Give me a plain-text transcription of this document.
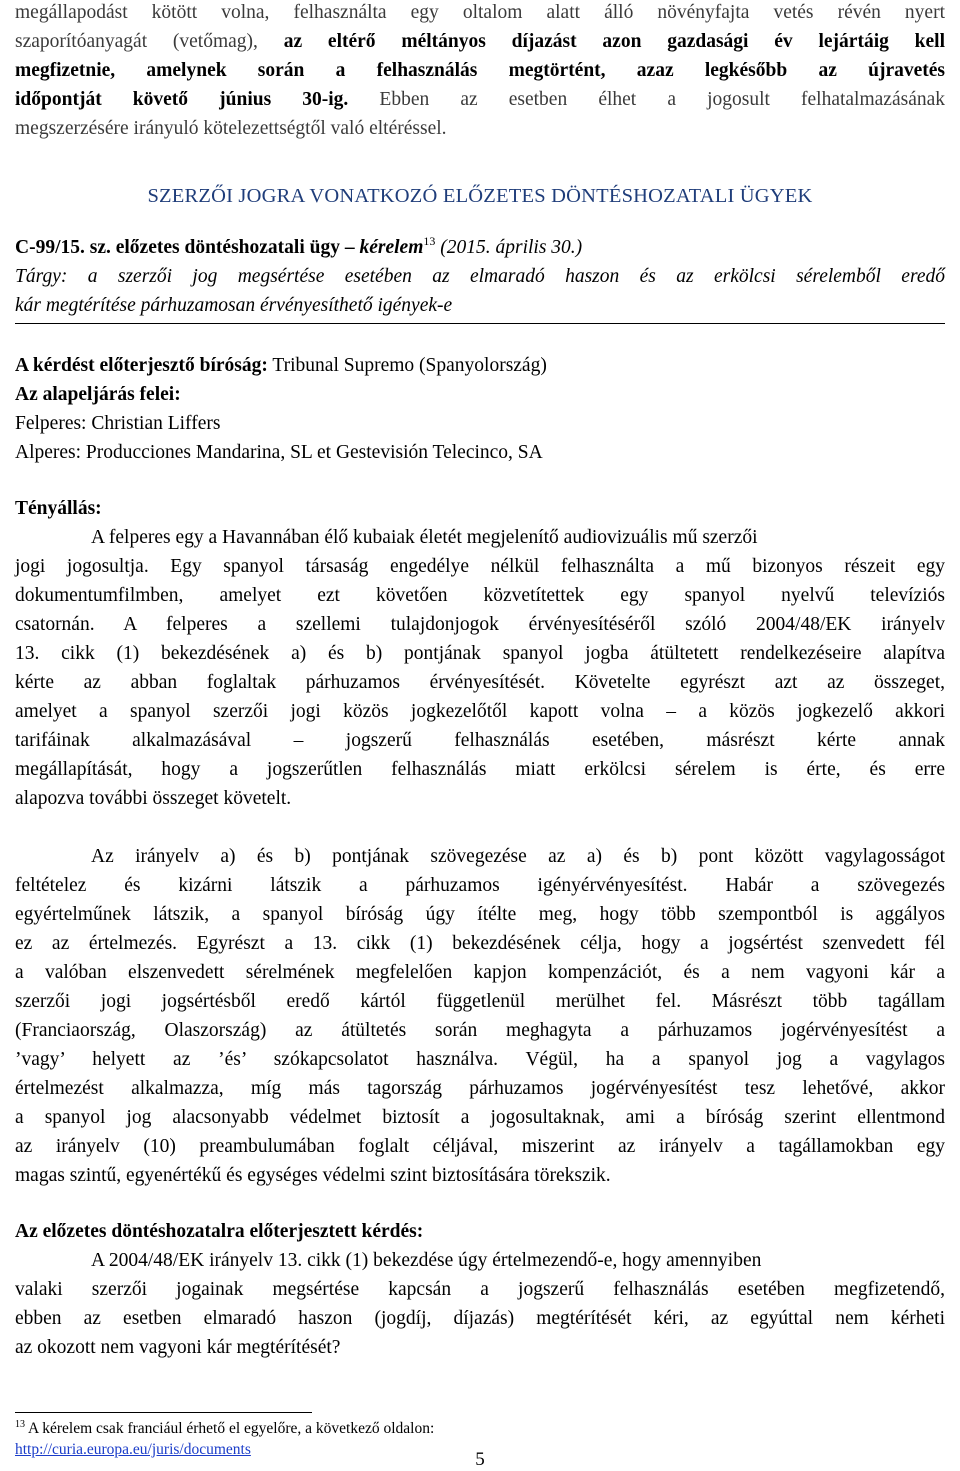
megállapodást kötött volna, felhasználta egy oltalom alatt álló növényfajta vetés révén nyert

szaporítóanyagát (vetőmag), az eltérő méltányos díjazást azon gazdasági év lejártáig kell

megfizetnie, amelynek során a felhasználás megtörtént, azaz legkésőbb az újravetés

időpontját követő június 30-ig. Ebben az esetben élhet a jogosult felhatalmazásának

megszerzésére irányuló kötelezettségtől való eltéréssel.

SZERZŐI JOGRA VONATKOZÓ ELŐZETES DÖNTÉSHOZATALI ÜGYEK

C-99/15. sz. előzetes döntéshozatali ügy – kérelem$^{13}$ (2015. április 30.)

Tárgy: a szerzői jog megsértése esetében az elmaradó haszon és az erkölcsi sérelemből eredő

kár megtérítése párhuzamosan érvényesíthető igények-e

A kérdést előterjesztő bíróság: Tribunal Supremo (Spanyolország)

Az alapeljárás felei:

Felperes: Christian Liffers

Alperes: Producciones Mandarina, SL et Gestevisión Telecinco, SA

Tényállás:

A felperes egy a Havannában élő kubaiak életét megjelenítő audiovizuális mű szerzői

jogi jogosultja. Egy spanyol társaság engedélye nélkül felhasználta a mű bizonyos részeit egy

dokumentumfilmben, amelyet ezt követően közvetítettek egy spanyol nyelvű televíziós

csatornán. A felperes a szellemi tulajdonjogok érvényesítéséről szóló 2004/48/EK irányelv

13. cikk (1) bekezdésének a) és b) pontjának spanyol jogba átültetett rendelkezéseire alapítva

kérte az abban foglaltak párhuzamos érvényesítését. Követelte egyrészt azt az összeget,

amelyet a spanyol szerzői jogi közös jogkezelőtől kapott volna – a közös jogkezelő akkori

tarifáinak alkalmazásával – jogszerű felhasználás esetében, másrészt kérte annak

megállapítását, hogy a jogszerűtlen felhasználás miatt erkölcsi sérelem is érte, és erre

alapozva további összeget követelt.

Az irányelv a) és b) pontjának szövegezése az a) és b) pont között vagylagosságot

feltételez és kizárni látszik a párhuzamos igényérvényesítést. Habár a szövegezés

egyértelműnek látszik, a spanyol bíróság úgy ítélte meg, hogy több szempontból is aggályos

ez az értelmezés. Egyrészt a 13. cikk (1) bekezdésének célja, hogy a jogsértést szenvedett fél

a valóban elszenvedett sérelmének megfelelően kapjon kompenzációt, és a nem vagyoni kár a

szerzői jogi jogsértésből eredő kártól függetlenül merülhet fel. Másrészt több tagállam

(Franciaország, Olaszország) az átültetés során meghagyta a párhuzamos jogérvényesítést a

’vagy’ helyett az ’és’ szókapcsolatot használva. Végül, ha a spanyol jog a vagylagos

értelmezést alkalmazza, míg más tagország párhuzamos jogérvényesítést tesz lehetővé, akkor

a spanyol jog alacsonyabb védelmet biztosít a jogosultaknak, ami a bíróság szerint ellentmond

az irányelv (10) preambulumában foglalt céljával, miszerint az irányelv a tagállamokban egy

magas szintű, egyenértékű és egységes védelmi szint biztosítására törekszik.

Az előzetes döntéshozatalra előterjesztett kérdés:

A 2004/48/EK irányelv 13. cikk (1) bekezdése úgy értelmezendő-e, hogy amennyiben

valaki szerzői jogainak megsértése kapcsán a jogszerű felhasználás esetében megfizetendő,

ebben az esetben elmaradó haszon (jogdíj, díjazás) megtérítését kéri, az egyúttal nem kérheti

az okozott nem vagyoni kár megtérítését?

$^{13}$ A kérelem csak franciául érhető el egyelőre, a következő oldalon:

http://curia.europa.eu/juris/documents	5
